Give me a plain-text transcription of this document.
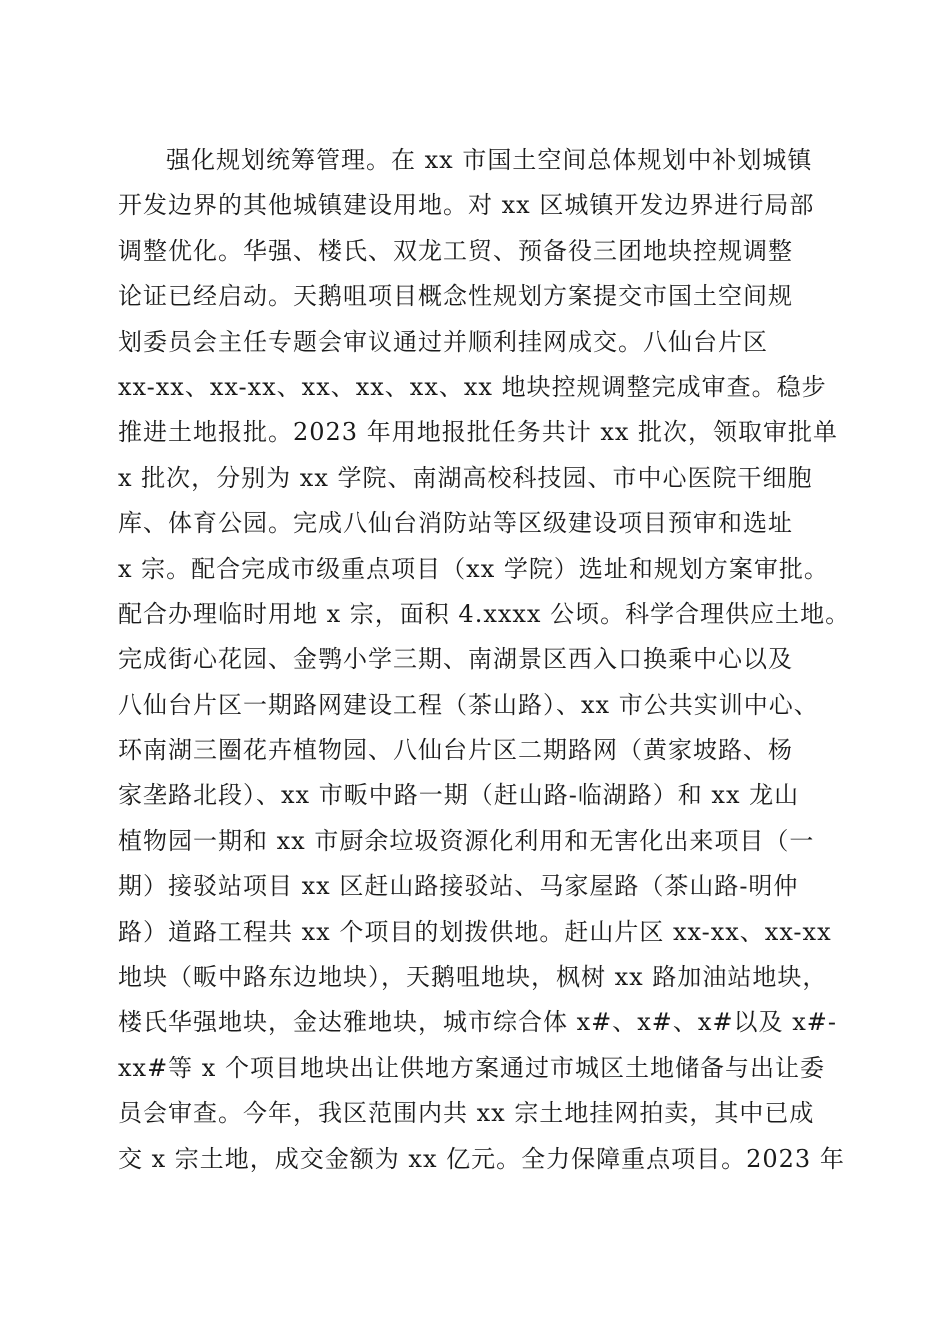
强化规划统筹管理。在 xx 市国土空间总体规划中补划城镇
开发边界的其他城镇建设用地。对 xx 区城镇开发边界进行局部
调整优化。华强、楼氏、双龙工贸、预备役三团地块控规调整
论证已经启动。天鹅咀项目概念性规划方案提交市国土空间规
划委员会主任专题会审议通过并顺利挂网成交。八仙台片区
xx-xx、xx-xx、xx、xx、xx、xx 地块控规调整完成审查。稳步
推进土地报批。2023 年用地报批任务共计 xx 批次，领取审批单
x 批次，分别为 xx 学院、南湖高校科技园、市中心医院干细胞
库、体育公园。完成八仙台消防站等区级建设项目预审和选址
x 宗。配合完成市级重点项目（xx 学院）选址和规划方案审批。
配合办理临时用地 x 宗，面积 4.xxxx 公顷。科学合理供应土地。
完成街心花园、金鹗小学三期、南湖景区西入口换乘中心以及
八仙台片区一期路网建设工程（茶山路）、xx 市公共实训中心、
环南湖三圈花卉植物园、八仙台片区二期路网（黄家坡路、杨
家垄路北段）、xx 市畈中路一期（赶山路-临湖路）和 xx 龙山
植物园一期和 xx 市厨余垃圾资源化利用和无害化出来项目（一
期）接驳站项目 xx 区赶山路接驳站、马家屋路（茶山路-明仲
路）道路工程共 xx 个项目的划拨供地。赶山片区 xx-xx、xx-xx
地块（畈中路东边地块），天鹅咀地块，枫树 xx 路加油站地块，
楼氏华强地块，金达雅地块，城市综合体 x#、x#、x#以及 x#-
xx#等 x 个项目地块出让供地方案通过市城区土地储备与出让委
员会审查。今年，我区范围内共 xx 宗土地挂网拍卖，其中已成
交 x 宗土地，成交金额为 xx 亿元。全力保障重点项目。2023 年
